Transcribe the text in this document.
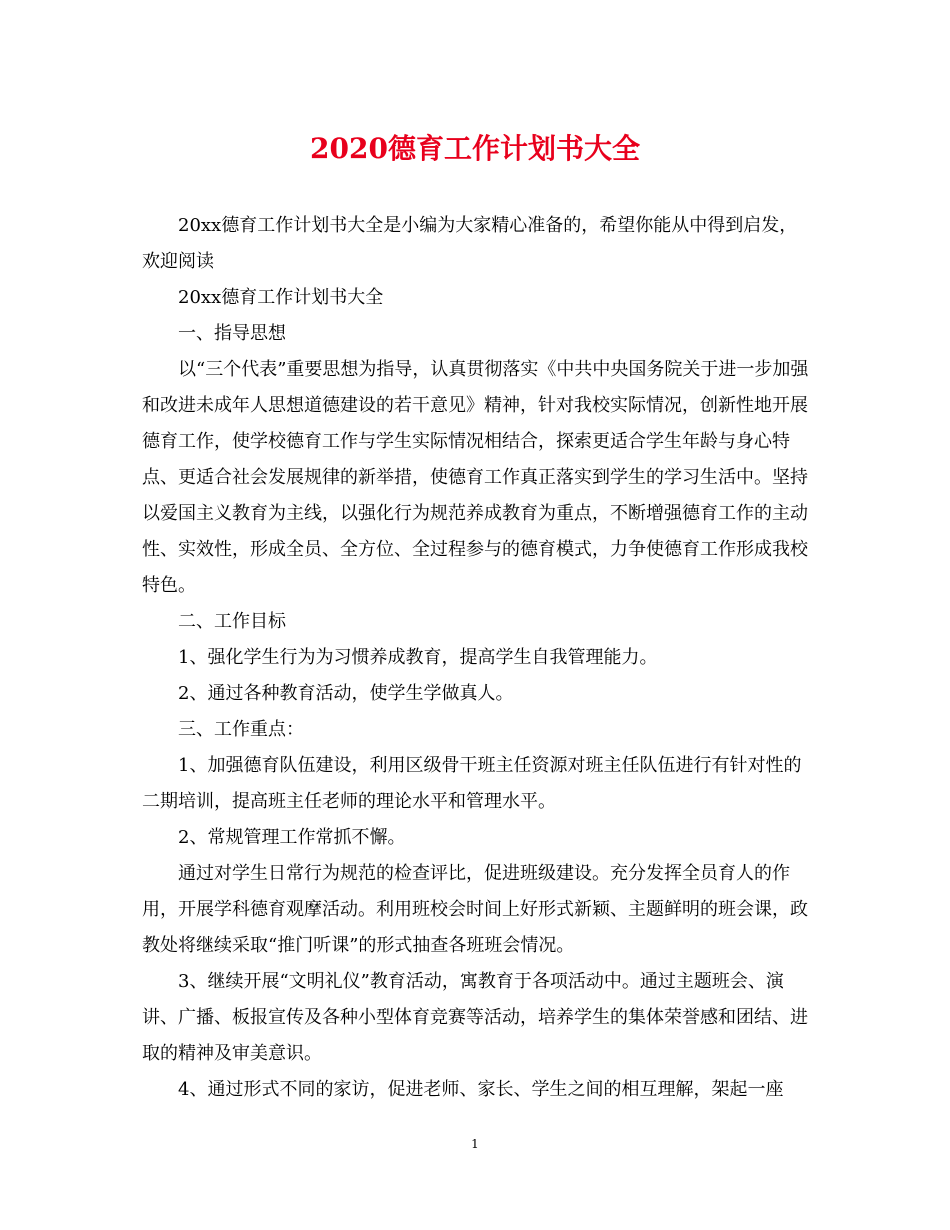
2020德育工作计划书大全

20xx德育工作计划书大全是小编为大家精心准备的，希望你能从中得到启发，欢迎阅读

20xx德育工作计划书大全

一、指导思想

以“三个代表”重要思想为指导，认真贯彻落实《中共中央国务院关于进一步加强和改进未成年人思想道德建设的若干意见》精神，针对我校实际情况，创新性地开展德育工作，使学校德育工作与学生实际情况相结合，探索更适合学生年龄与身心特点、更适合社会发展规律的新举措，使德育工作真正落实到学生的学习生活中。坚持以爱国主义教育为主线，以强化行为规范养成教育为重点，不断增强德育工作的主动性、实效性，形成全员、全方位、全过程参与的德育模式，力争使德育工作形成我校特色。

二、工作目标

1、强化学生行为为习惯养成教育，提高学生自我管理能力。

2、通过各种教育活动，使学生学做真人。

三、工作重点：

1、加强德育队伍建设，利用区级骨干班主任资源对班主任队伍进行有针对性的二期培训，提高班主任老师的理论水平和管理水平。

2、常规管理工作常抓不懈。

通过对学生日常行为规范的检查评比，促进班级建设。充分发挥全员育人的作用，开展学科德育观摩活动。利用班校会时间上好形式新颖、主题鲜明的班会课，政教处将继续采取“推门听课”的形式抽查各班班会情况。

3、继续开展“文明礼仪”教育活动，寓教育于各项活动中。通过主题班会、演讲、广播、板报宣传及各种小型体育竞赛等活动，培养学生的集体荣誉感和团结、进取的精神及审美意识。

4、通过形式不同的家访，促进老师、家长、学生之间的相互理解，架起一座

1
